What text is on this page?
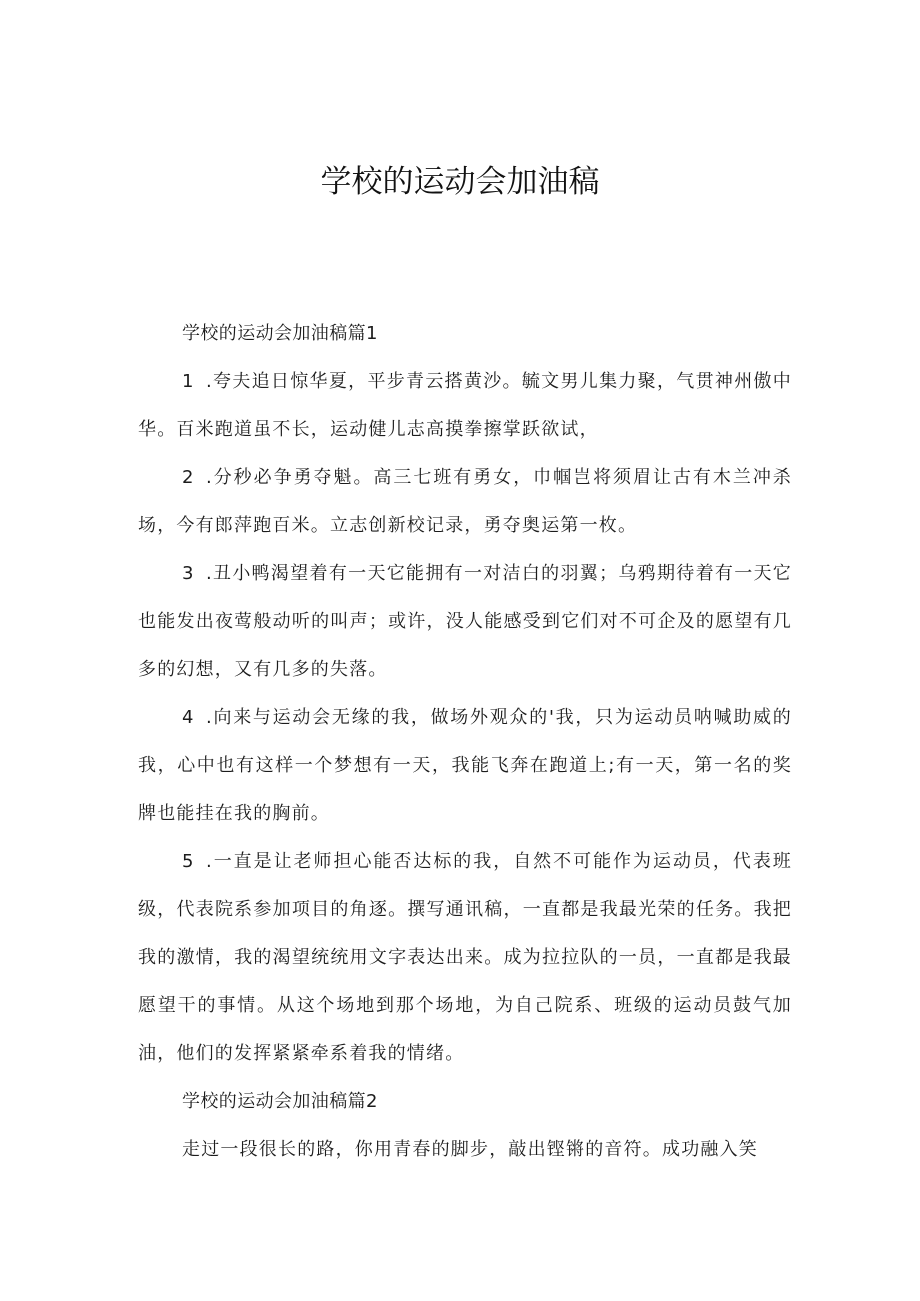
学校的运动会加油稿

学校的运动会加油稿篇1

1 .夸夫追日惊华夏，平步青云搭黄沙。毓文男儿集力聚，气贯神州傲中华。百米跑道虽不长，运动健儿志高摸拳擦掌跃欲试，

2 .分秒必争勇夺魁。高三七班有勇女，巾帼岂将须眉让古有木兰冲杀场，今有郎萍跑百米。立志创新校记录，勇夺奥运第一枚。

3 .丑小鸭渴望着有一天它能拥有一对洁白的羽翼；乌鸦期待着有一天它也能发出夜莺般动听的叫声；或许，没人能感受到它们对不可企及的愿望有几多的幻想，又有几多的失落。

4 .向来与运动会无缘的我，做场外观众的'我，只为运动员呐喊助威的我，心中也有这样一个梦想有一天，我能飞奔在跑道上;有一天，第一名的奖牌也能挂在我的胸前。

5 .一直是让老师担心能否达标的我，自然不可能作为运动员，代表班级，代表院系参加项目的角逐。撰写通讯稿，一直都是我最光荣的任务。我把我的激情，我的渴望统统用文字表达出来。成为拉拉队的一员，一直都是我最愿望干的事情。从这个场地到那个场地，为自己院系、班级的运动员鼓气加油，他们的发挥紧紧牵系着我的情绪。

学校的运动会加油稿篇2

走过一段很长的路，你用青春的脚步，敲出铿锵的音符。成功融入笑
